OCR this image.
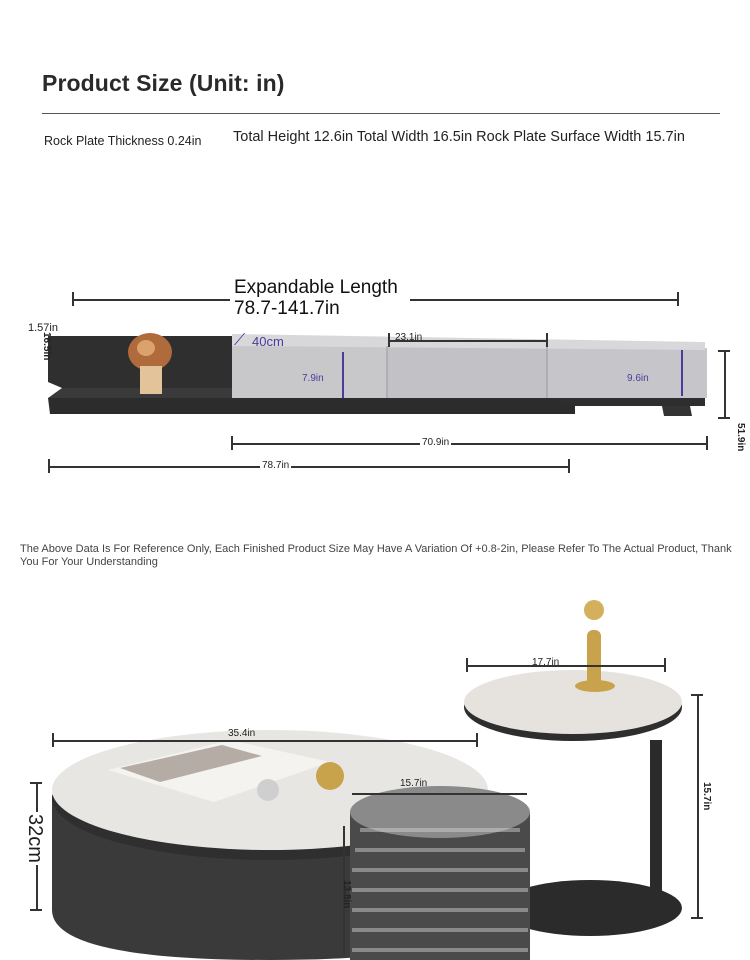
Product Size (Unit: in)
Rock Plate Thickness 0.24in Total Height 12.6in Total Width 16.5in Rock Plate Surface Width 15.7in
Expandable Length
78.7-141.7in
1.57in
16.5in	⟋ 40cm	23.1in
7.9in	9.6in
51.9in
70.9in
78.7in
The Above Data Is For Reference Only, Each Finished Product Size May Have A Variation Of +0.8-2in, Please Refer To The Actual Product, Thank You For Your Understanding
17.7in
35.4in
15.7in	15.7in
32cm
13.8in
